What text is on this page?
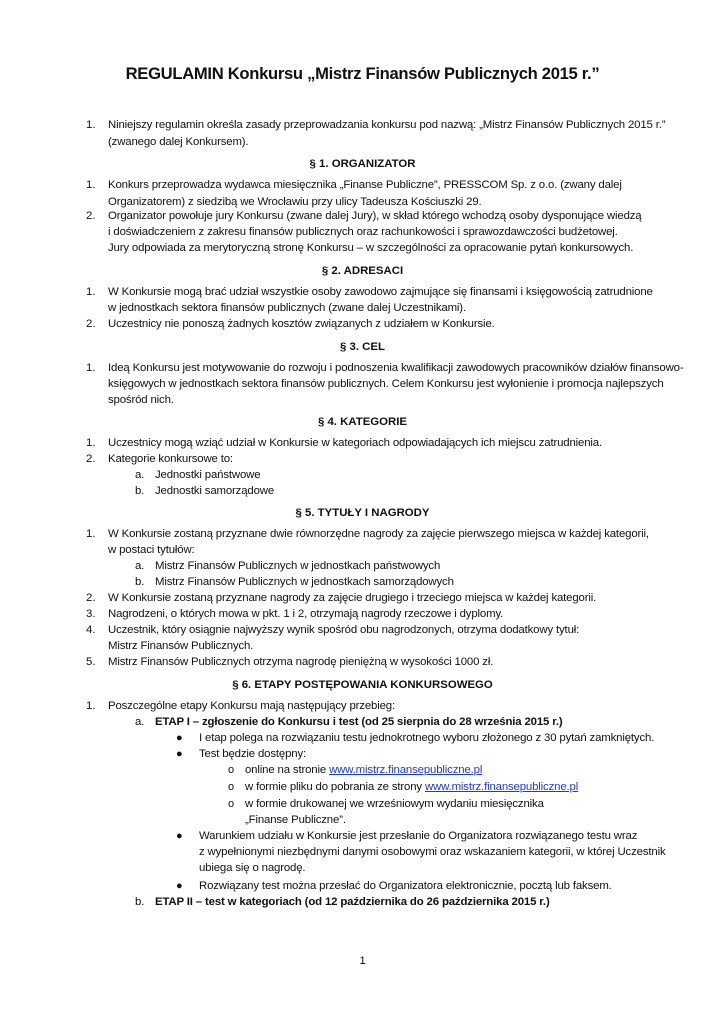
REGULAMIN Konkursu „Mistrz Finansów Publicznych 2015 r.”
1. Niniejszy regulamin określa zasady przeprowadzania konkursu pod nazwą: „Mistrz Finansów Publicznych 2015 r.”
(zwanego dalej Konkursem).
§ 1. ORGANIZATOR
1. Konkurs przeprowadza wydawca miesięcznika „Finanse Publiczne”, PRESSCOM Sp. z o.o. (zwany dalej
Organizatorem) z siedzibą we Wrocławiu przy ulicy Tadeusza Kościuszki 29.
2. Organizator powołuje jury Konkursu (zwane dalej Jury), w skład którego wchodzą osoby dysponujące wiedzą
i doświadczeniem z zakresu finansów publicznych oraz rachunkowości i sprawozdawczości budżetowej.
Jury odpowiada za merytoryczną stronę Konkursu – w szczególności za opracowanie pytań konkursowych.
§ 2. ADRESACI
1. W Konkursie mogą brać udział wszystkie osoby zawodowo zajmujące się finansami i księgowością zatrudnione
w jednostkach sektora finansów publicznych (zwane dalej Uczestnikami).
2. Uczestnicy nie ponoszą żadnych kosztów związanych z udziałem w Konkursie.
§ 3. CEL
1. Ideą Konkursu jest motywowanie do rozwoju i podnoszenia kwalifikacji zawodowych pracowników działów finansowo-
księgowych w jednostkach sektora finansów publicznych. Celem Konkursu jest wyłonienie i promocja najlepszych
spośród nich.
§ 4. KATEGORIE
1. Uczestnicy mogą wziąć udział w Konkursie w kategoriach odpowiadających ich miejscu zatrudnienia.
2. Kategorie konkursowe to:
a. Jednostki państwowe
b. Jednostki samorządowe
§ 5. TYTUŁY I NAGRODY
1. W Konkursie zostaną przyznane dwie równorzędne nagrody za zajęcie pierwszego miejsca w każdej kategorii,
w postaci tytułów:
a. Mistrz Finansów Publicznych w jednostkach państwowych
b. Mistrz Finansów Publicznych w jednostkach samorządowych
2. W Konkursie zostaną przyznane nagrody za zajęcie drugiego i trzeciego miejsca w każdej kategorii.
3. Nagrodzeni, o których mowa w pkt. 1 i 2, otrzymają nagrody rzeczowe i dyplomy.
4. Uczestnik, który osiągnie najwyższy wynik spośród obu nagrodzonych, otrzyma dodatkowy tytuł:
Mistrz Finansów Publicznych.
5. Mistrz Finansów Publicznych otrzyma nagrodę pieniężną w wysokości 1000 zł.
§ 6. ETAPY POSTĘPOWANIA KONKURSOWEGO
1. Poszczególne etapy Konkursu mają następujący przebieg:
a. ETAP I – zgłoszenie do Konkursu i test (od 25 sierpnia do 28 września 2015 r.)
● I etap polega na rozwiązaniu testu jednokrotnego wyboru złożonego z 30 pytań zamkniętych.
● Test będzie dostępny:
o online na stronie www.mistrz.finansepubliczne.pl
o w formie pliku do pobrania ze strony www.mistrz.finansepubliczne.pl
o w formie drukowanej we wrześniowym wydaniu miesięcznika
„Finanse Publiczne”.
● Warunkiem udziału w Konkursie jest przesłanie do Organizatora rozwiązanego testu wraz
z wypełnionymi niezbędnymi danymi osobowymi oraz wskazaniem kategorii, w której Uczestnik
ubiega się o nagrodę.
● Rozwiązany test można przesłać do Organizatora elektronicznie, pocztą lub faksem.
b. ETAP II – test w kategoriach (od 12 października do 26 października 2015 r.)
1
